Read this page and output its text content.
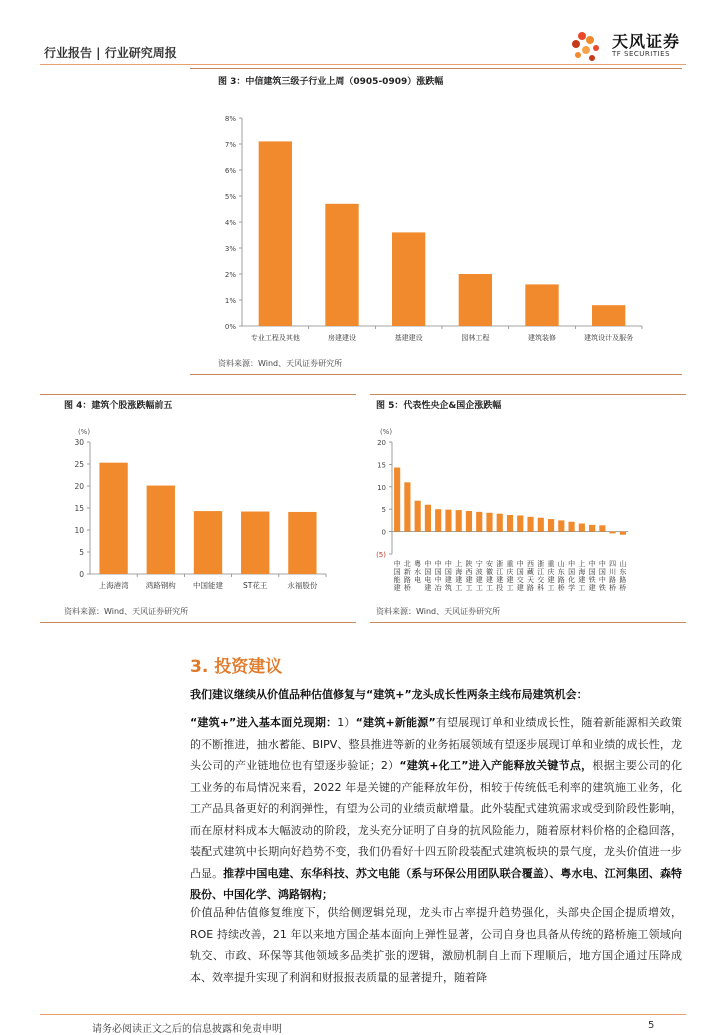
行业报告 | 行业研究周报
天风证券
TF SECURITIES
图 3：中信建筑三级子行业上周（0905-0909）涨跌幅
0%
1%
2%
3%
4%
5%
6%
7%
8%
专业工程及其他	房建建设	基建建设	园林工程	建筑装修	建筑设计及服务
资料来源：Wind、天风证券研究所
图 4：建筑个股涨跌幅前五
(%)
0
5
10
15
20
25
30
上海港湾 鸿路钢构 中国能建	ST花王	永福股份
资料来源：Wind、天风证券研究所
图 5：代表性央企&国企涨跌幅
(%)
(5)
0
5
10
15
20
中国能建
北新路桥
粤水电
中国电建
中国中冶
中国建筑
上海建工
陕西建工
宁波建工
安徽建工
浙江建投
重庆建工
中国交建
西藏天路
浙江交科
重庆建工
山东路桥
中国化学
上海建工
中国铁建
中国中铁
四川路桥
山东路桥
资料来源：Wind、天风证券研究所
3. 投资建议
我们建议继续从价值品种估值修复与“建筑+”龙头成长性两条主线布局建筑机会：
“建筑+”进入基本面兑现期：1）“建筑+新能源”有望展现订单和业绩成长性，随着新能源相关政策的不断推进，抽水蓄能、BIPV、整县推进等新的业务拓展领域有望逐步展现订单和业绩的成长性，龙头公司的产业链地位也有望逐步验证；2）“建筑+化工”进入产能释放关键节点，根据主要公司的化工业务的布局情况来看，2022 年是关键的产能释放年份，相较于传统低毛利率的建筑施工业务，化工产品具备更好的利润弹性，有望为公司的业绩贡献增量。此外装配式建筑需求或受到阶段性影响，而在原材料成本大幅波动的阶段，龙头充分证明了自身的抗风险能力，随着原材料价格的企稳回落，装配式建筑中长期向好趋势不变，我们仍看好十四五阶段装配式建筑板块的景气度，龙头价值进一步凸显。推荐中国电建、东华科技、苏文电能（系与环保公用团队联合覆盖）、粤水电、江河集团、森特股份、中国化学、鸿路钢构；
价值品种估值修复维度下，供给侧逻辑兑现，龙头市占率提升趋势强化，头部央企国企提质增效，ROE 持续改善，21 年以来地方国企基本面向上弹性显著，公司自身也具备从传统的路桥施工领域向轨交、市政、环保等其他领域多品类扩张的逻辑，激励机制自上而下理顺后，地方国企通过压降成本、效率提升实现了利润和财报报表质量的显著提升，随着降
请务必阅读正文之后的信息披露和免责申明	5
